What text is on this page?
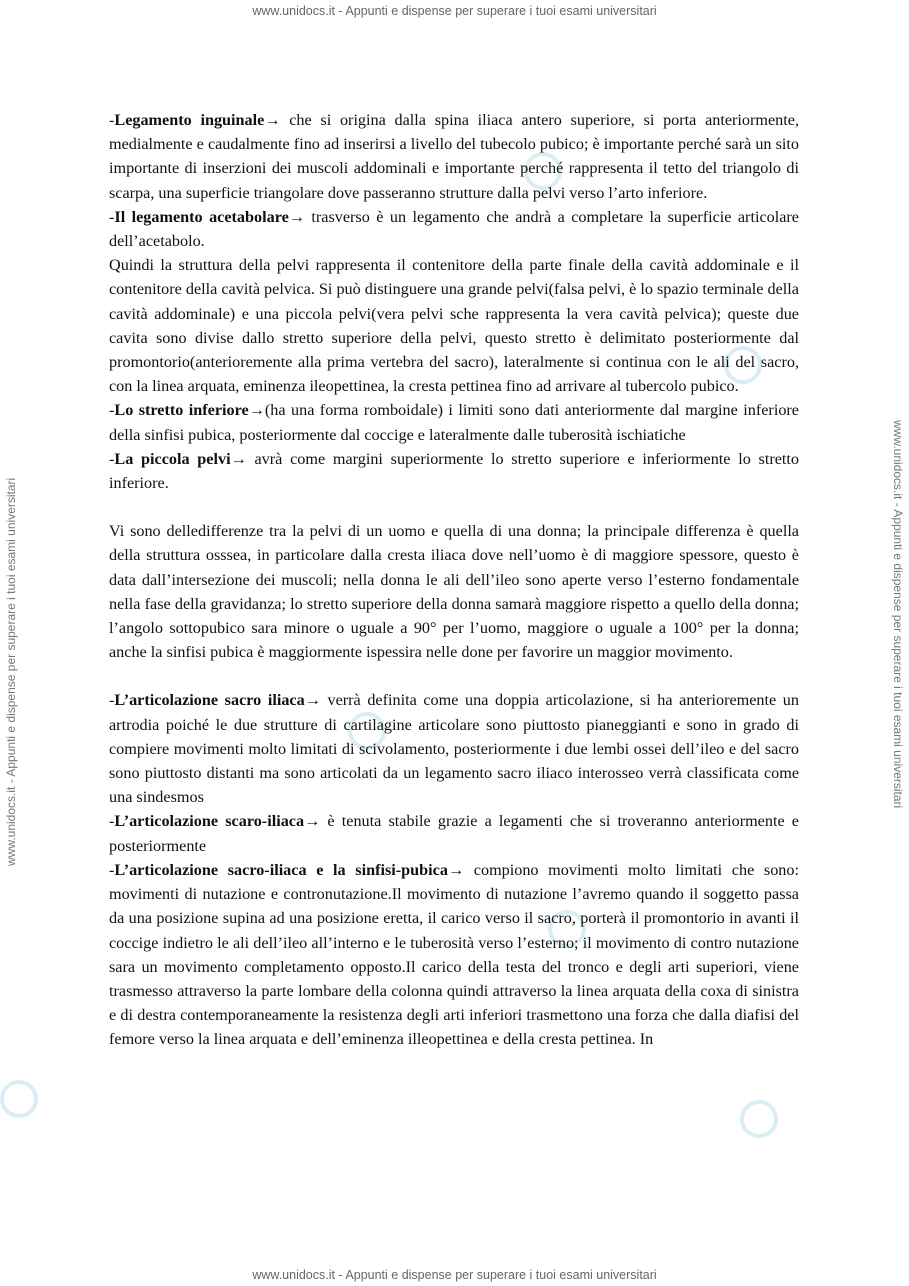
www.unidocs.it - Appunti e dispense per superare i tuoi esami universitari
www.unidocs.it - Appunti e dispense per superare i tuoi esami universitari	www.unidocs.it - Appunti e dispense per superare i tuoi esami universitari

-Legamento inguinale→ che si origina dalla spina iliaca antero superiore, si porta anteriormente, medialmente e caudalmente fino ad inserirsi a livello del tubecolo pubico; è importante perché sarà un sito importante di inserzioni dei muscoli addominali e importante perché rappresenta il tetto del triangolo di scarpa, una superficie triangolare dove passeranno strutture dalla pelvi verso l’arto inferiore.

-Il legamento acetabolare→ trasverso è un legamento che andrà a completare la superficie articolare dell’acetabolo.

Quindi la struttura della pelvi rappresenta il contenitore della parte finale della cavità addominale e il contenitore della cavità pelvica. Si può distinguere una grande pelvi(falsa pelvi, è lo spazio terminale della cavità addominale) e una piccola pelvi(vera pelvi sche rappresenta la vera cavità pelvica); queste due cavita sono divise dallo stretto superiore della pelvi, questo stretto è delimitato posteriormente dal promontorio(anterioremente alla prima vertebra del sacro), lateralmente si continua con le ali del sacro, con la linea arquata, eminenza ileopettinea, la cresta pettinea fino ad arrivare al tubercolo pubico.

-Lo stretto inferiore→(ha una forma romboidale) i limiti sono dati anteriormente dal margine inferiore della sinfisi pubica, posteriormente dal coccige e lateralmente dalle tuberosità ischiatiche

-La piccola pelvi→ avrà come margini superiormente lo stretto superiore e inferiormente lo stretto inferiore.

Vi sono delledifferenze tra la pelvi di un uomo e quella di una donna; la principale differenza è quella della struttura osssea, in particolare dalla cresta iliaca dove nell’uomo è di maggiore spessore, questo è data dall’intersezione dei muscoli; nella donna le ali dell’ileo sono aperte verso l’esterno fondamentale nella fase della gravidanza; lo stretto superiore della donna samarà maggiore rispetto a quello della donna; l’angolo sottopubico sara minore o uguale a 90° per l’uomo, maggiore o uguale a 100° per la donna; anche la sinfisi pubica è maggiormente ispessira nelle done per favorire un maggior movimento.

-L’articolazione sacro iliaca→ verrà definita come una doppia articolazione, si ha anterioremente un artrodia poiché le due strutture di cartilagine articolare sono piuttosto pianeggianti e sono in grado di compiere movimenti molto limitati di scivolamento, posteriormente i due lembi ossei dell’ileo e del sacro sono piuttosto distanti ma sono articolati da un legamento sacro iliaco interosseo verrà classificata come una sindesmos

-L’articolazione scaro-iliaca→ è tenuta stabile grazie a legamenti che si troveranno anteriormente e posteriormente

-L’articolazione sacro-iliaca e la sinfisi-pubica→ compiono movimenti molto limitati che sono: movimenti di nutazione e contronutazione.Il movimento di nutazione l’avremo quando il soggetto passa da una posizione supina ad una posizione eretta, il carico verso il sacro, porterà il promontorio in avanti il coccige indietro le ali dell’ileo all’interno e le tuberosità verso l’esterno; il movimento di contro nutazione sara un movimento completamento opposto.Il carico della testa del tronco e degli arti superiori, viene trasmesso attraverso la parte lombare della colonna quindi attraverso la linea arquata della coxa di sinistra e di destra contemporaneamente la resistenza degli arti inferiori trasmettono una forza che dalla diafisi del femore verso la linea arquata e dell’eminenza illeopettinea e della cresta pettinea. In

www.unidocs.it - Appunti e dispense per superare i tuoi esami universitari
